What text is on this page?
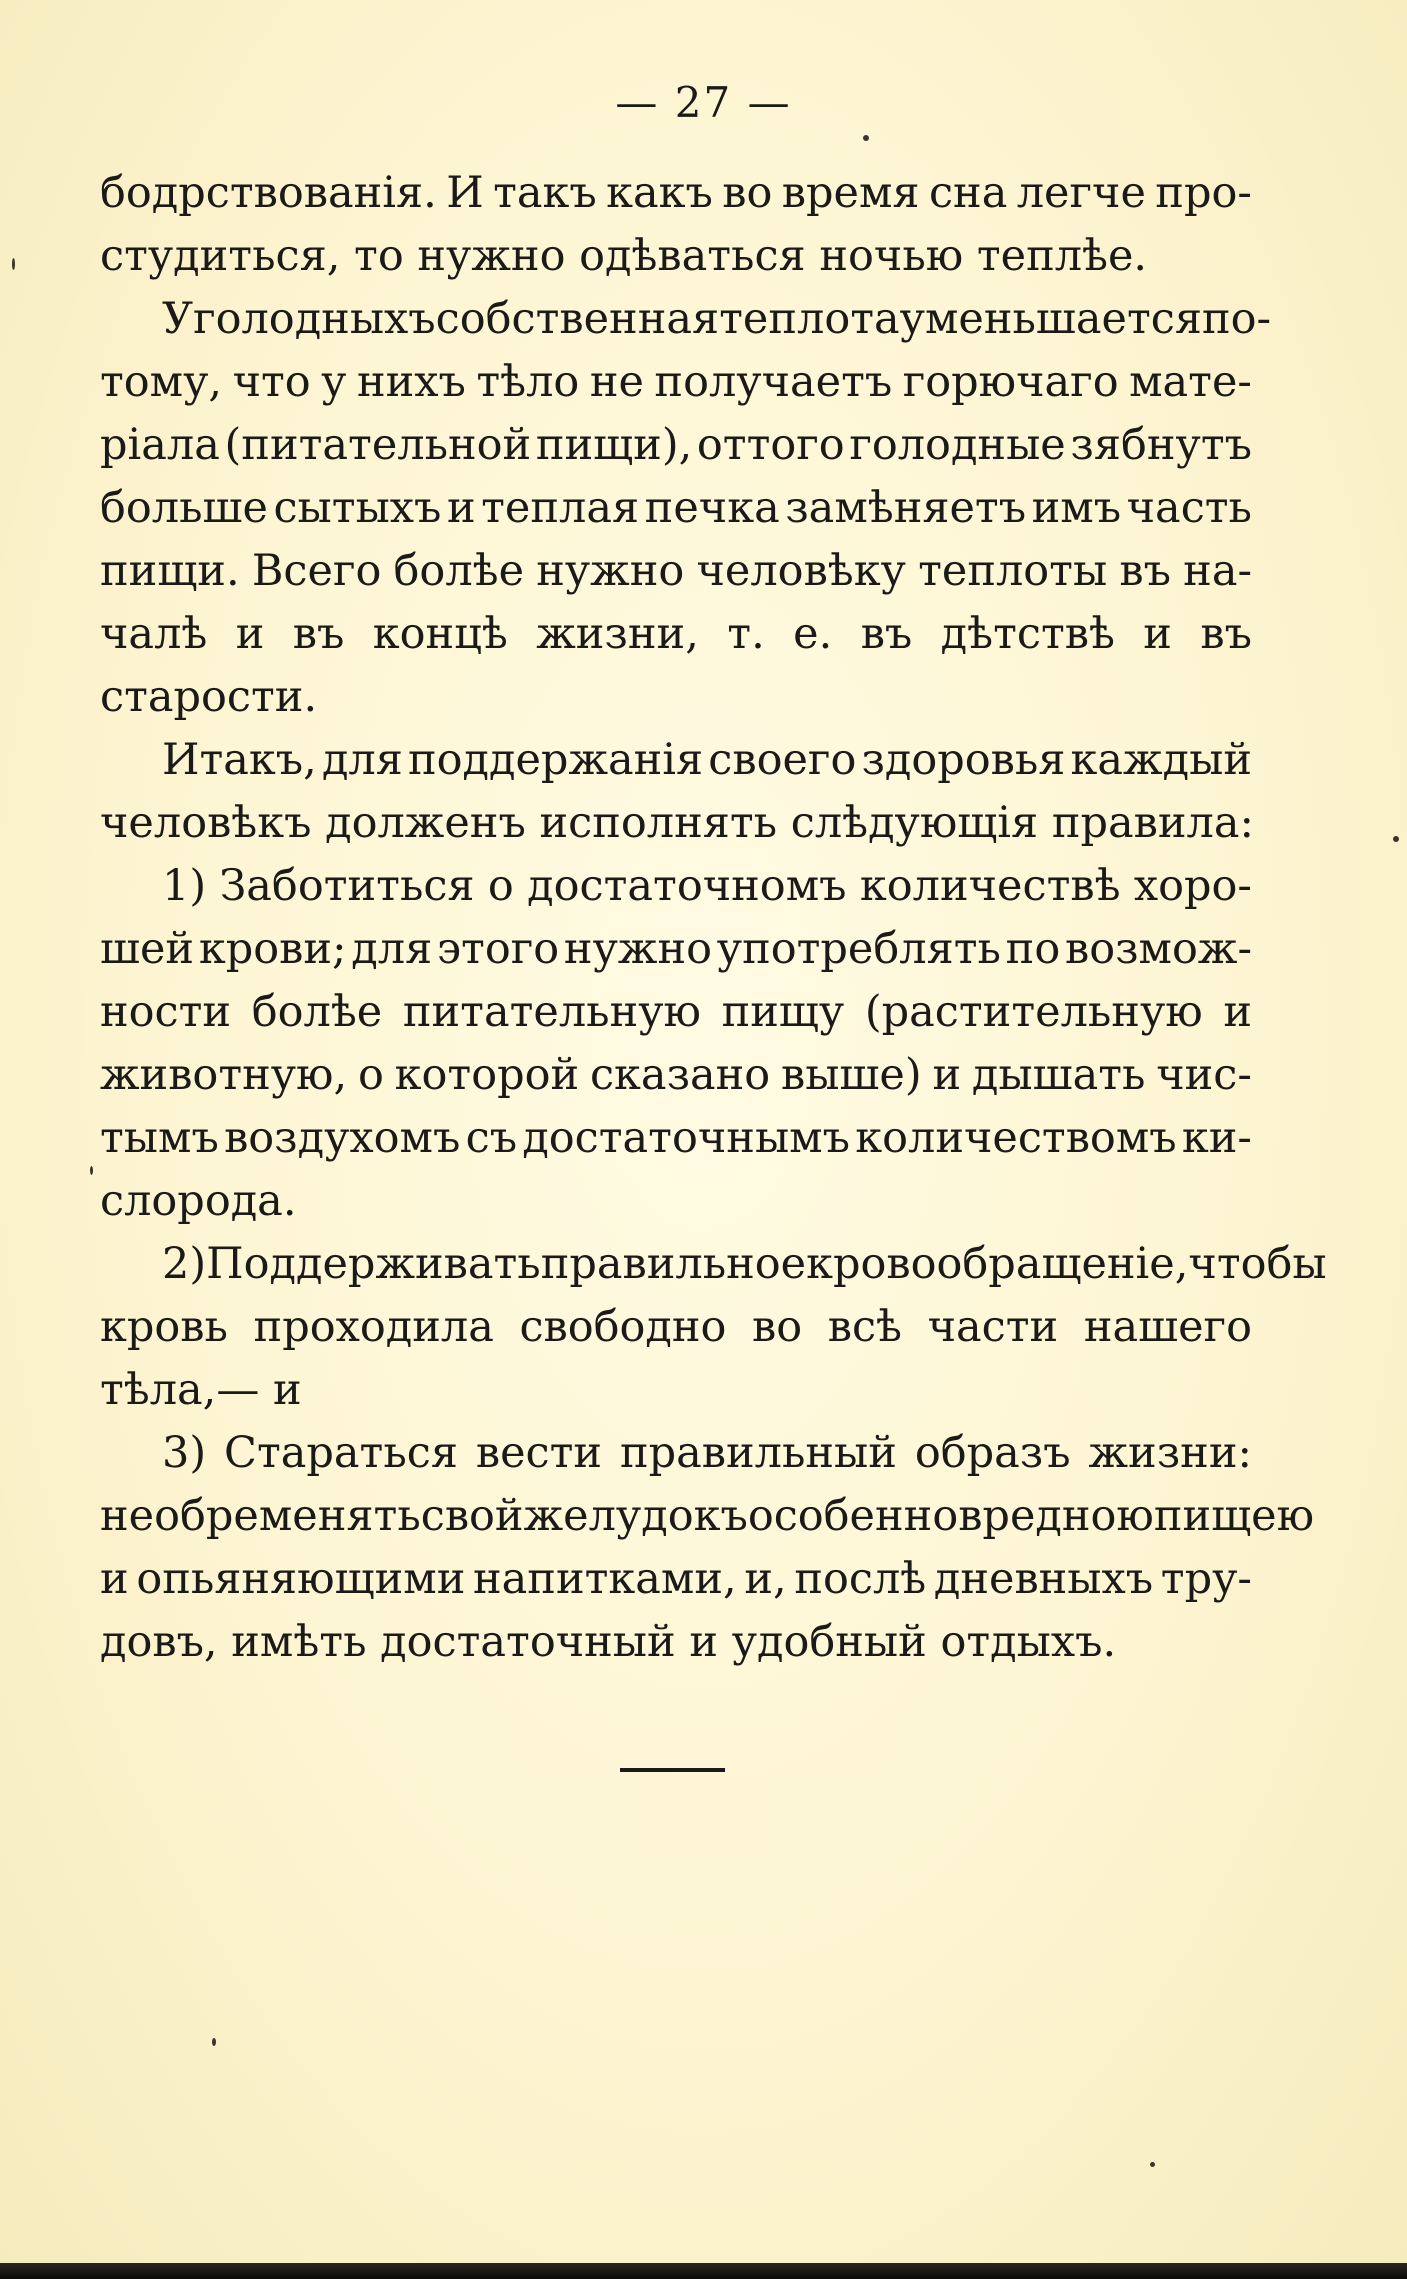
— 27 —
бодрствованія. И такъ какъ во время сна легче про-
студиться, то нужно одѣваться ночью теплѣе.
У голодныхъ собственная теплота уменьшается по-
тому, что у нихъ тѣло не получаетъ горючаго мате-
ріала (питательной пищи), оттого голодные зябнутъ
больше сытыхъ и теплая печка замѣняетъ имъ часть
пищи. Всего болѣе нужно человѣку теплоты въ на-
чалѣ и въ концѣ жизни, т. е. въ дѣтствѣ и въ
старости.
Итакъ, для поддержанія своего здоровья каждый
человѣкъ долженъ исполнять слѣдующія правила:
1) Заботиться о достаточномъ количествѣ хоро-
шей крови; для этого нужно употреблять по возмож-
ности болѣе питательную пищу (растительную и
животную, о которой сказано выше) и дышать чис-
тымъ воздухомъ съ достаточнымъ количествомъ ки-
слорода.
2) Поддерживать правильное кровообращеніе, чтобы
кровь проходила свободно во всѣ части нашего
тѣла,— и
3) Стараться вести правильный образъ жизни:
не обременять свой желудокъ особенно вредною пищею
и опьяняющими напитками, и, послѣ дневныхъ тру-
довъ, имѣть достаточный и удобный отдыхъ.
